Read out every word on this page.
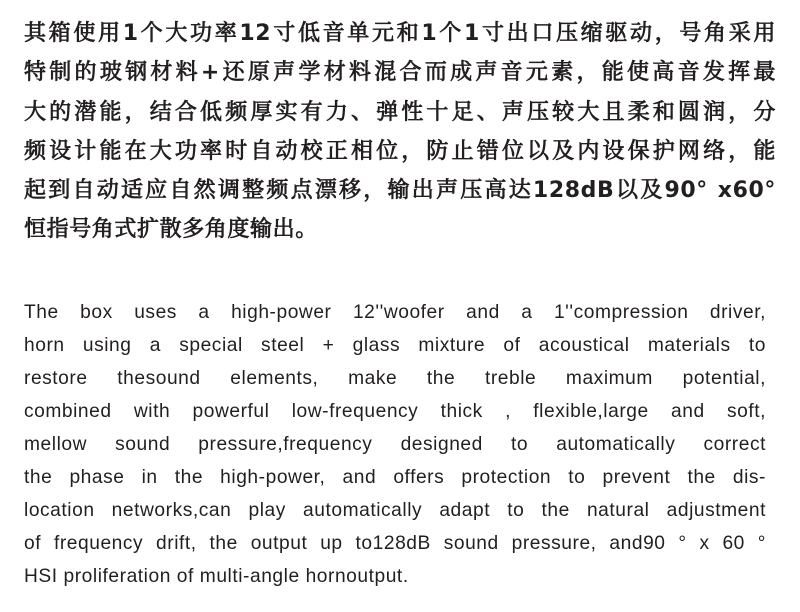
其箱使用1个大功率12寸低音单元和1个1寸出口压缩驱动，号角采用
特制的玻钢材料+还原声学材料混合而成声音元素，能使高音发挥最
大的潜能，结合低频厚实有力、弹性十足、声压较大且柔和圆润，分
频设计能在大功率时自动校正相位，防止错位以及内设保护网络，能
起到自动适应自然调整频点漂移，输出声压高达128dB以及90° x60°
恒指号角式扩散多角度输出。
The box uses a high-power 12''woofer and a 1''compression driver,
horn using a special steel + glass mixture of acoustical materials to
restore thesound elements, make the treble maximum potential,
combined with powerful low-frequency thick , flexible,large and soft,
mellow sound pressure,frequency designed to automatically correct
the phase in the high-power, and offers protection to prevent the dis-
location networks,can play automatically adapt to the natural adjustment
of frequency drift, the output up to128dB sound pressure, and90 ° x 60 °
HSI proliferation of multi-angle hornoutput.
